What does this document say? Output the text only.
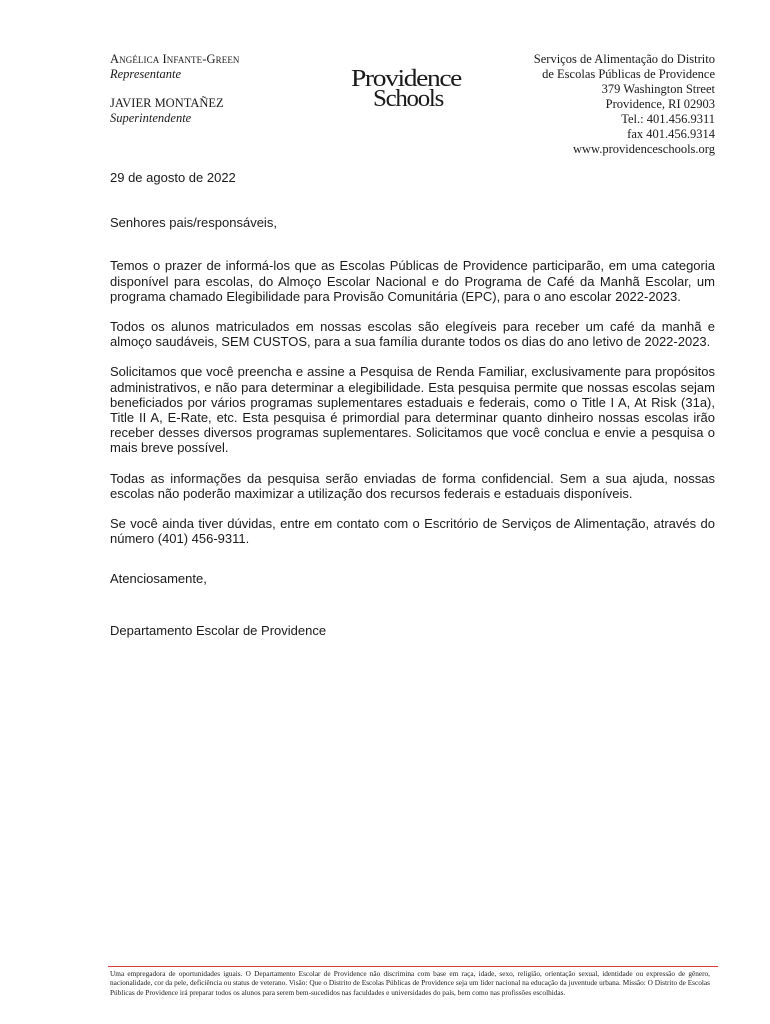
Angélica Infante-Green
Representante
JAVIER MONTAÑEZ
Superintendente
Providence
Schools
Serviços de Alimentação do Distrito
de Escolas Públicas de Providence
379 Washington Street
Providence, RI 02903
Tel.: 401.456.9311
fax 401.456.9314
www.providenceschools.org

29 de agosto de 2022

Senhores pais/responsáveis,

Temos o prazer de informá-los que as Escolas Públicas de Providence participarão, em uma categoria disponível para escolas, do Almoço Escolar Nacional e do Programa de Café da Manhã Escolar, um programa chamado Elegibilidade para Provisão Comunitária (EPC), para o ano escolar 2022-2023.

Todos os alunos matriculados em nossas escolas são elegíveis para receber um café da manhã e almoço saudáveis, SEM CUSTOS, para a sua família durante todos os dias do ano letivo de 2022-2023.

Solicitamos que você preencha e assine a Pesquisa de Renda Familiar, exclusivamente para propósitos administrativos, e não para determinar a elegibilidade. Esta pesquisa permite que nossas escolas sejam beneficiados por vários programas suplementares estaduais e federais, como o Title I A, At Risk (31a), Title II A, E-Rate, etc. Esta pesquisa é primordial para determinar quanto dinheiro nossas escolas irão receber desses diversos programas suplementares. Solicitamos que você conclua e envie a pesquisa o mais breve possível.

Todas as informações da pesquisa serão enviadas de forma confidencial. Sem a sua ajuda, nossas escolas não poderão maximizar a utilização dos recursos federais e estaduais disponíveis.

Se você ainda tiver dúvidas, entre em contato com o Escritório de Serviços de Alimentação, através do número (401) 456-9311.

Atenciosamente,

Departamento Escolar de Providence

Uma empregadora de oportunidades iguais. O Departamento Escolar de Providence não discrimina com base em raça, idade, sexo, religião, orientação sexual, identidade ou expressão de gênero, nacionalidade, cor da pele, deficiência ou status de veterano. Visão: Que o Distrito de Escolas Públicas de Providence seja um líder nacional na educação da juventude urbana. Missão: O Distrito de Escolas Públicas de Providence irá preparar todos os alunos para serem bem-sucedidos nas faculdades e universidades do país, bem como nas profissões escolhidas.
